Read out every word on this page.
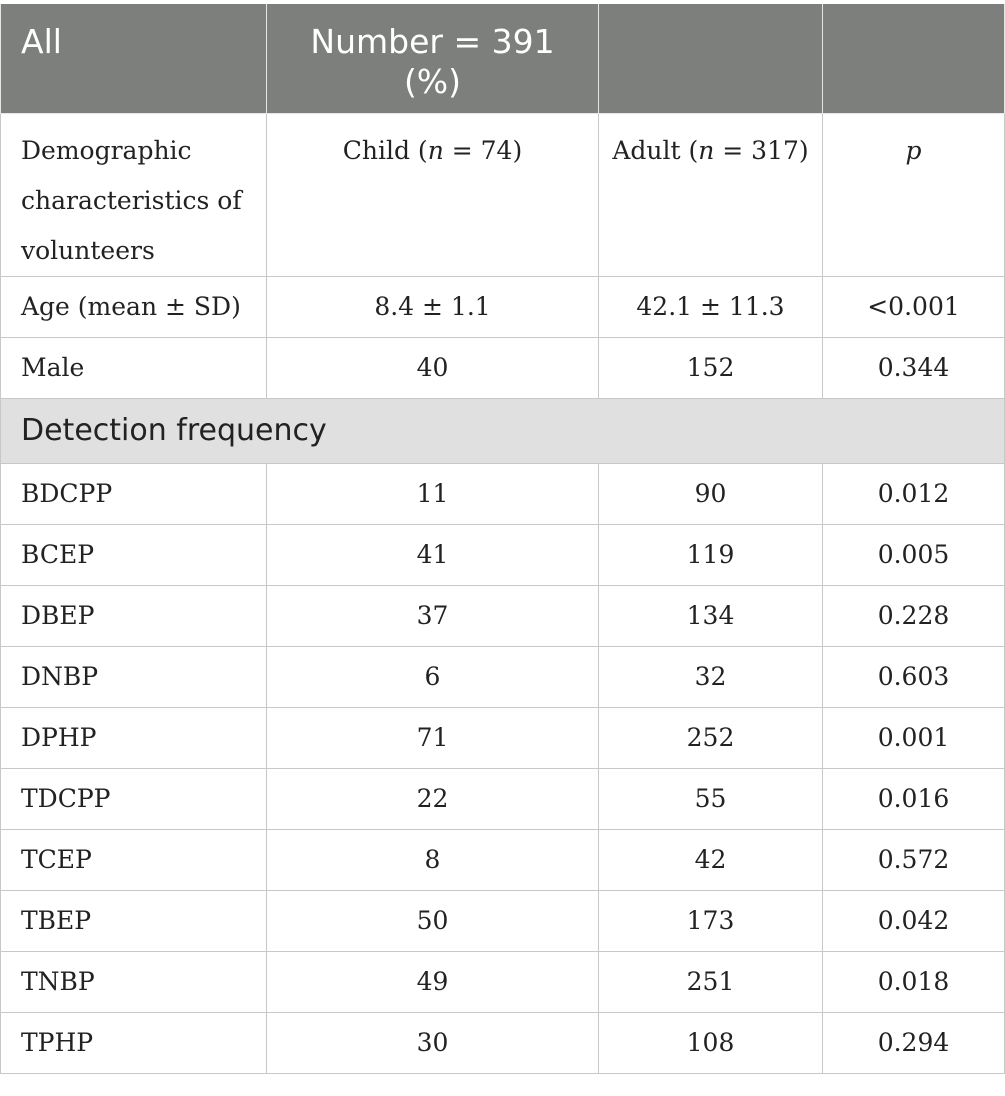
All	Number = 391
(%)		
Demographic
characteristics of
volunteers	Child (n = 74)	Adult (n = 317)	p
Age (mean ± SD)	8.4 ± 1.1	42.1 ± 11.3	<0.001
Male	40	152	0.344
Detection frequency			
BDCPP	11	90	0.012
BCEP	41	119	0.005
DBEP	37	134	0.228
DNBP	6	32	0.603
DPHP	71	252	0.001
TDCPP	22	55	0.016
TCEP	8	42	0.572
TBEP	50	173	0.042
TNBP	49	251	0.018
TPHP	30	108	0.294
